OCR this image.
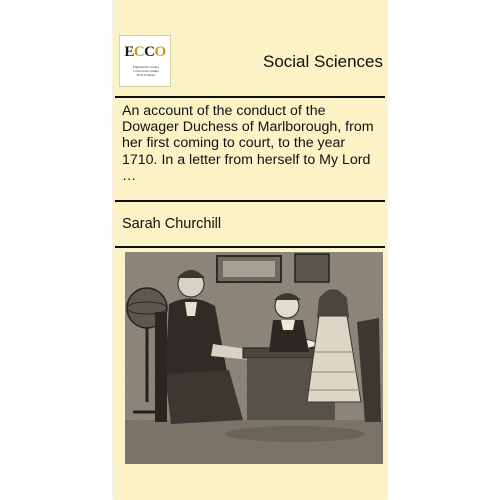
ECCO
Eighteenth Century
Collections Online
Print Editions
Social Sciences
An account of the conduct of the Dowager Duchess of Marlborough, from her first coming to court, to the year 1710. In a letter from herself to My Lord …
Sarah Churchill
